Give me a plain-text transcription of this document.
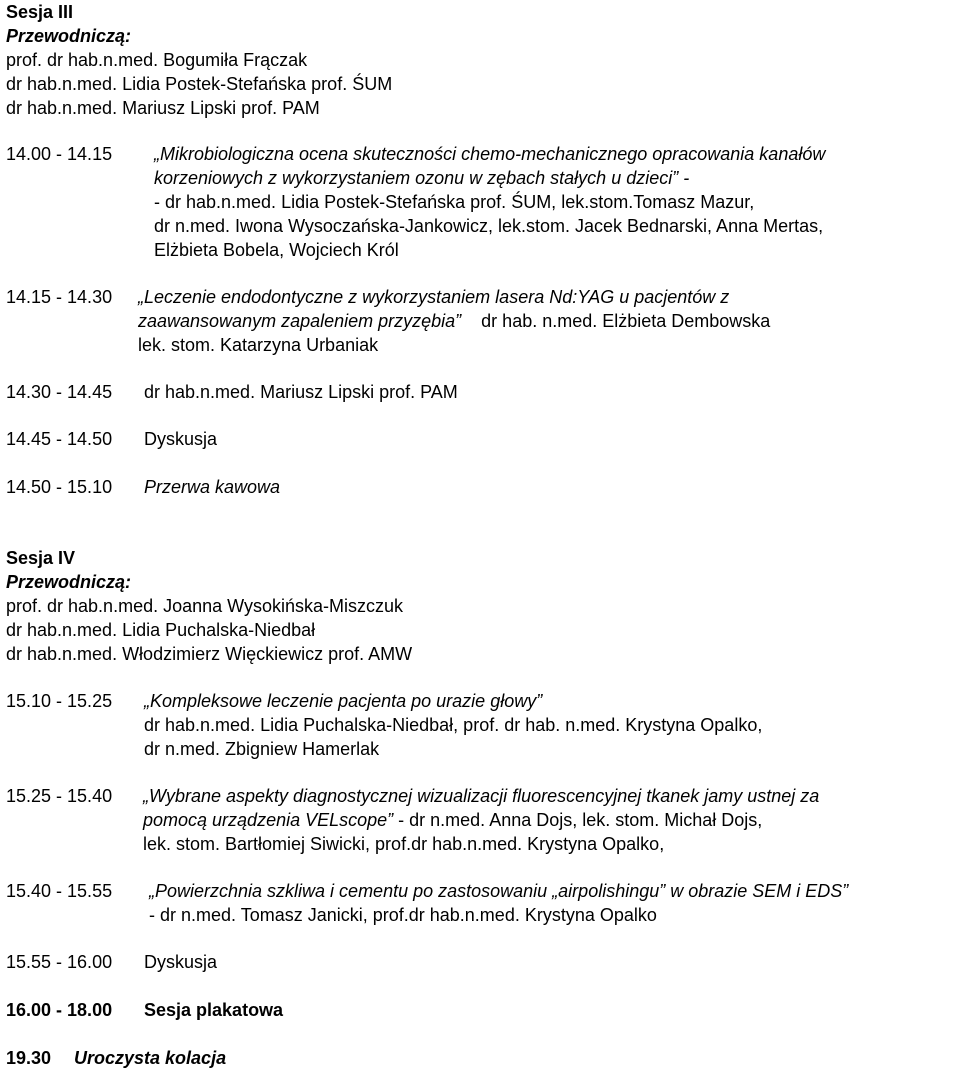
Sesja III
Przewodniczą:
prof. dr hab.n.med. Bogumiła Frączak
dr hab.n.med. Lidia Postek-Stefańska prof. ŚUM
dr hab.n.med. Mariusz Lipski prof. PAM
14.00 - 14.15 „Mikrobiologiczna ocena skuteczności chemo-mechanicznego opracowania kanałów
korzeniowych z wykorzystaniem ozonu w zębach stałych u dzieci” -
- dr hab.n.med. Lidia Postek-Stefańska prof. ŚUM, lek.stom.Tomasz Mazur,
dr n.med. Iwona Wysoczańska-Jankowicz, lek.stom. Jacek Bednarski, Anna Mertas,
Elżbieta Bobela, Wojciech Król
14.15 - 14.30 „Leczenie endodontyczne z wykorzystaniem lasera Nd:YAG u pacjentów z
zaawansowanym zapaleniem przyzębia” dr hab. n.med. Elżbieta Dembowska
lek. stom. Katarzyna Urbaniak
14.30 - 14.45 dr hab.n.med. Mariusz Lipski prof. PAM
14.45 - 14.50 Dyskusja
14.50 - 15.10 Przerwa kawowa
Sesja IV
Przewodniczą:
prof. dr hab.n.med. Joanna Wysokińska-Miszczuk
dr hab.n.med. Lidia Puchalska-Niedbał
dr hab.n.med. Włodzimierz Więckiewicz prof. AMW
15.10 - 15.25 „Kompleksowe leczenie pacjenta po urazie głowy”
dr hab.n.med. Lidia Puchalska-Niedbał, prof. dr hab. n.med. Krystyna Opalko,
dr n.med. Zbigniew Hamerlak
15.25 - 15.40 „Wybrane aspekty diagnostycznej wizualizacji fluorescencyjnej tkanek jamy ustnej za
pomocą urządzenia VELscope” - dr n.med. Anna Dojs, lek. stom. Michał Dojs,
lek. stom. Bartłomiej Siwicki, prof.dr hab.n.med. Krystyna Opalko,
15.40 - 15.55 „Powierzchnia szkliwa i cementu po zastosowaniu „airpolishingu” w obrazie SEM i EDS”
- dr n.med. Tomasz Janicki, prof.dr hab.n.med. Krystyna Opalko
15.55 - 16.00 Dyskusja
16.00 - 18.00 Sesja plakatowa
19.30 Uroczysta kolacja
